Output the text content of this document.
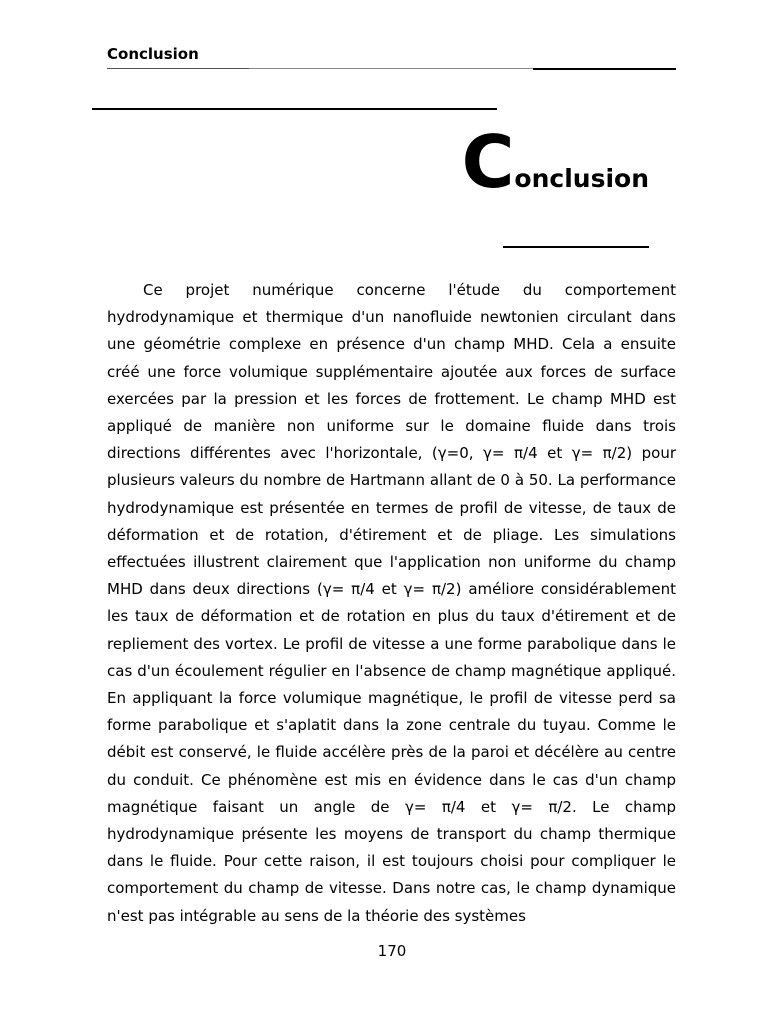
Conclusion
Conclusion

Ce projet numérique concerne l'étude du comportement hydrodynamique et thermique d'un nanofluide newtonien circulant dans une géométrie complexe en présence d'un champ MHD. Cela a ensuite créé une force volumique supplémentaire ajoutée aux forces de surface exercées par la pression et les forces de frottement. Le champ MHD est appliqué de manière non uniforme sur le domaine fluide dans trois directions différentes avec l'horizontale, (γ=0, γ= π/4 et γ= π/2) pour plusieurs valeurs du nombre de Hartmann allant de 0 à 50. La performance hydrodynamique est présentée en termes de profil de vitesse, de taux de déformation et de rotation, d'étirement et de pliage. Les simulations effectuées illustrent clairement que l'application non uniforme du champ MHD dans deux directions (γ= π/4 et γ= π/2) améliore considérablement les taux de déformation et de rotation en plus du taux d'étirement et de repliement des vortex. Le profil de vitesse a une forme parabolique dans le cas d'un écoulement régulier en l'absence de champ magnétique appliqué. En appliquant la force volumique magnétique, le profil de vitesse perd sa forme parabolique et s'aplatit dans la zone centrale du tuyau. Comme le débit est conservé, le fluide accélère près de la paroi et décélère au centre du conduit. Ce phénomène est mis en évidence dans le cas d'un champ magnétique faisant un angle de γ= π/4 et γ= π/2. Le champ hydrodynamique présente les moyens de transport du champ thermique dans le fluide. Pour cette raison, il est toujours choisi pour compliquer le comportement du champ de vitesse. Dans notre cas, le champ dynamique n'est pas intégrable au sens de la théorie des systèmes

170
